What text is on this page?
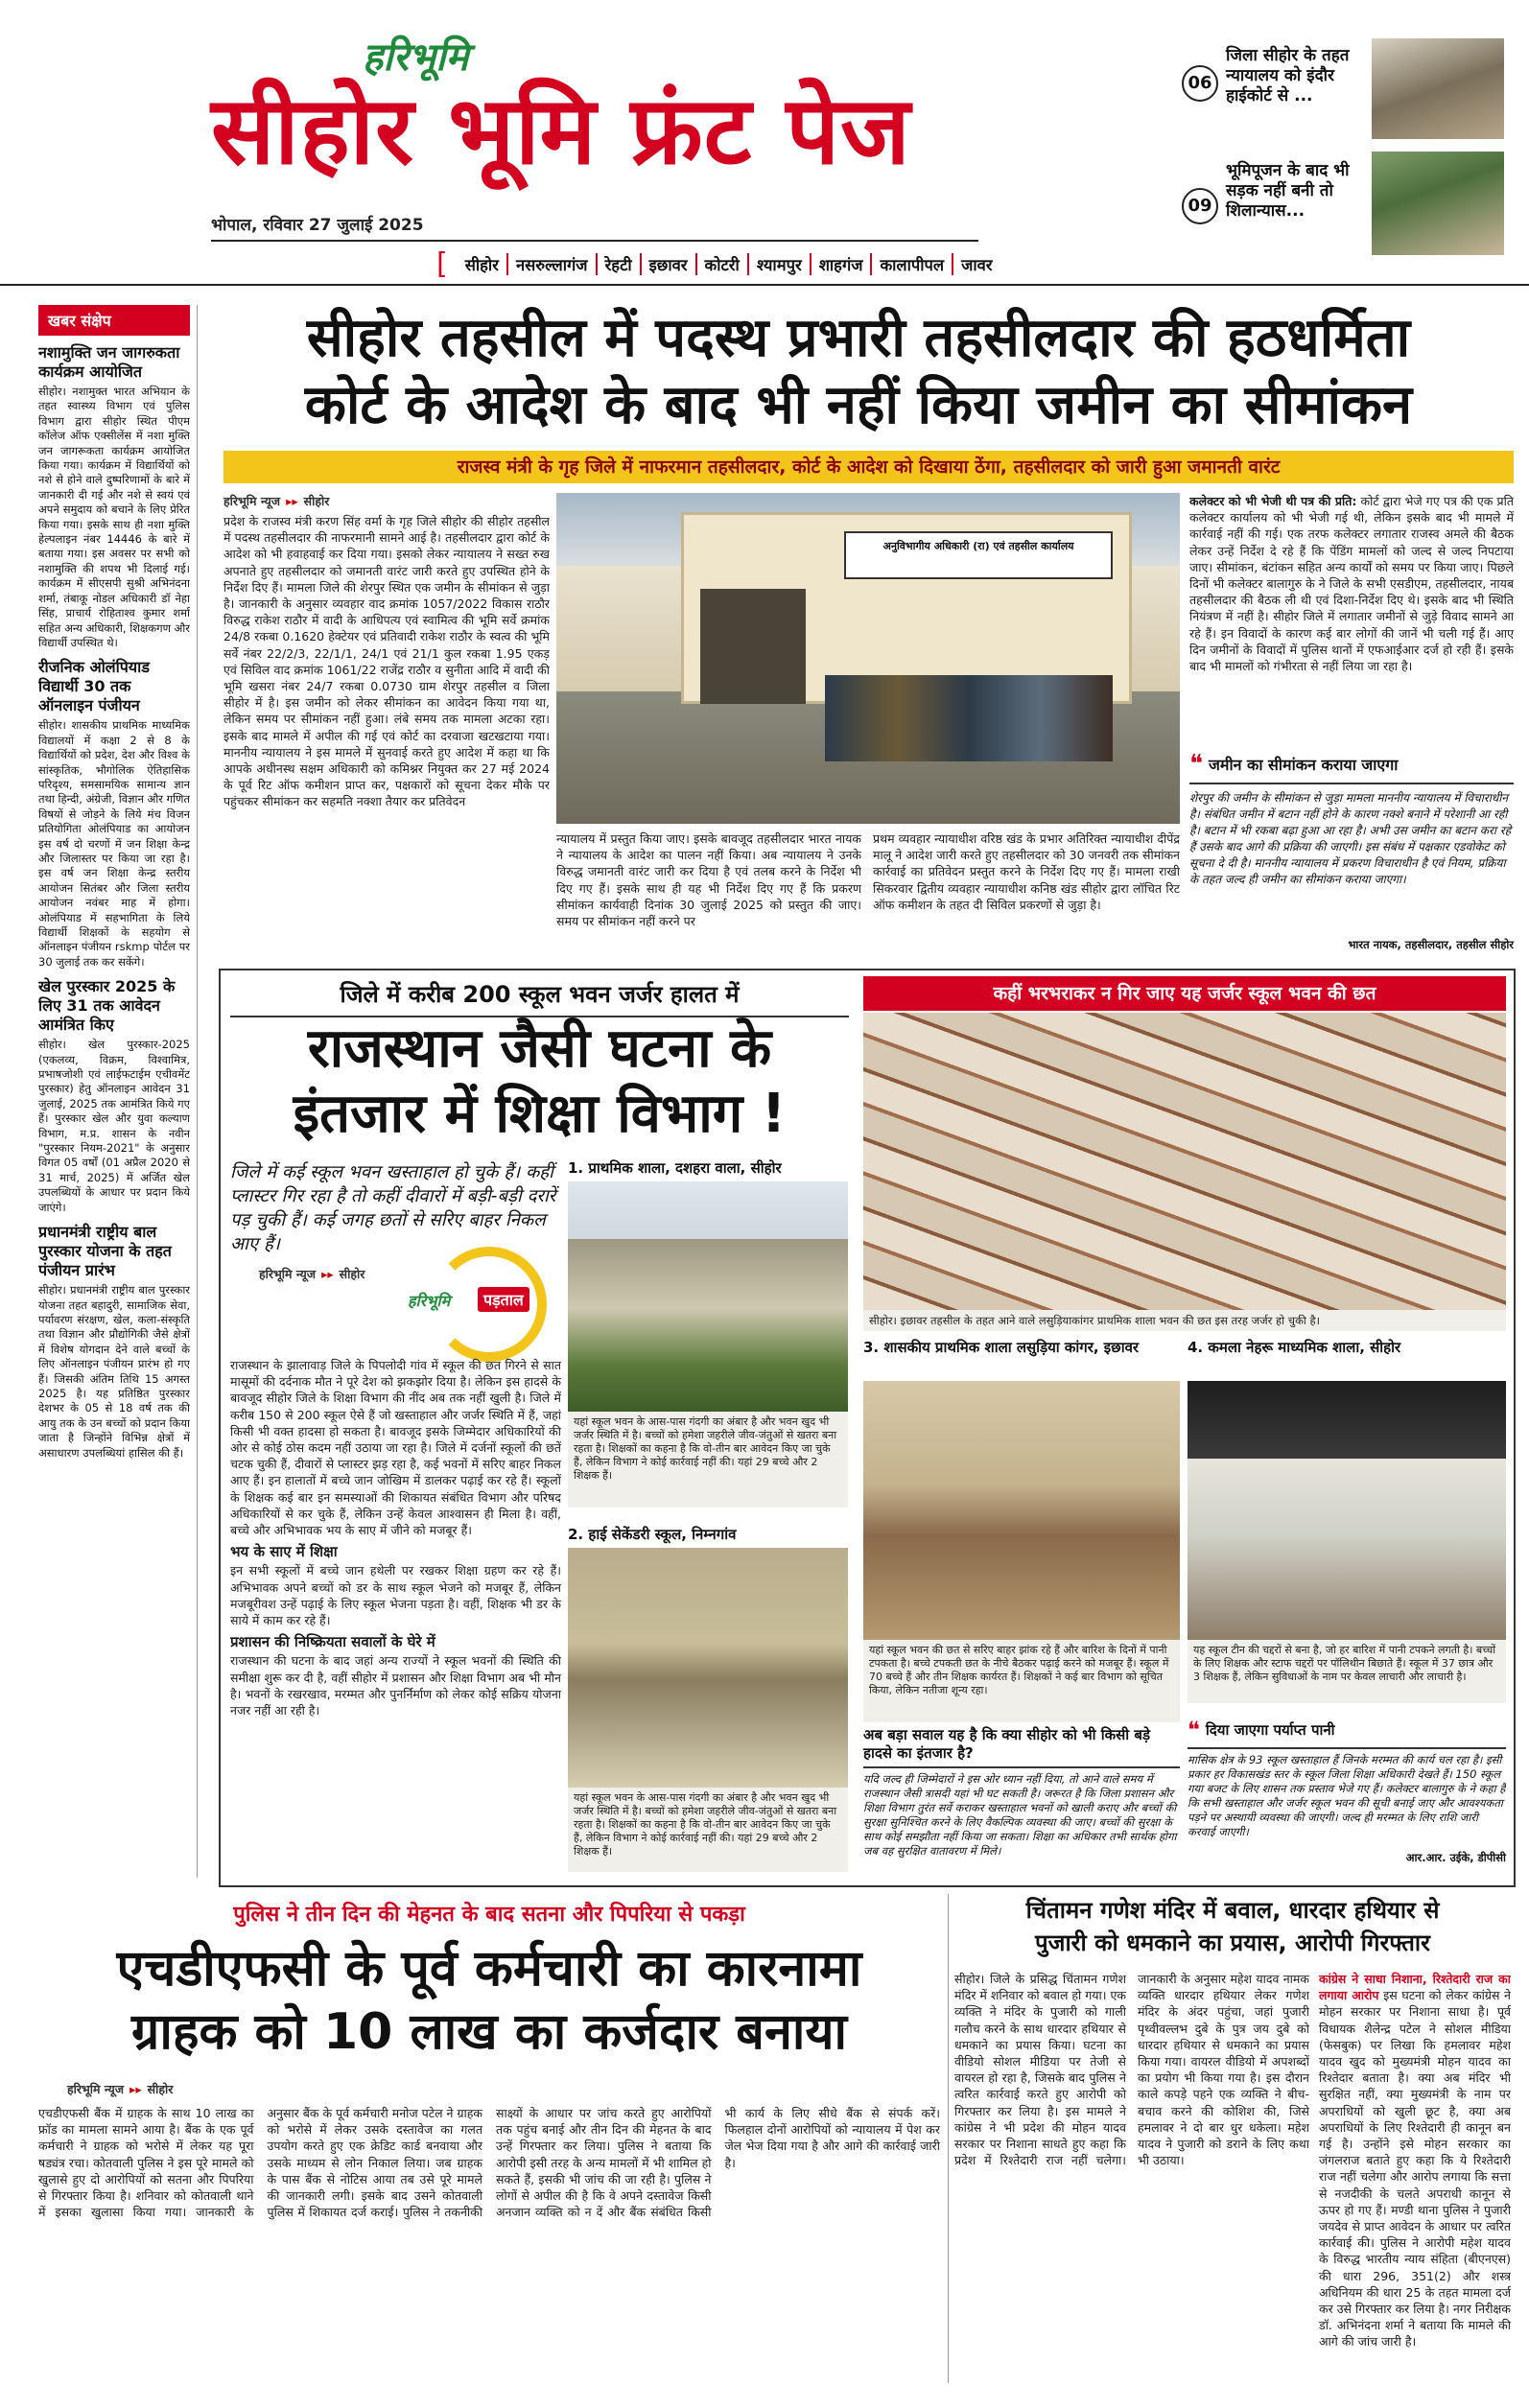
हरिभूमि
सीहोर भूमि फ्रंट पेज
भोपाल, रविवार 27 जुलाई 2025
06
जिला सीहोर के तहत न्यायालय को इंदौर हाईकोर्ट से ...
09
भूमिपूजन के बाद भी सड़क नहीं बनी तो शिलान्यास...
[	सीहोर	नसरुल्लागंज	रेहटी	इछावर	कोटरी	श्यामपुर	शाहगंज	कालापीपल	जावर
खबर संक्षेप
नशामुक्ति जन जागरुकता कार्यक्रम आयोजित
सीहोर। नशामुक्त भारत अभियान के तहत स्वास्थ्य विभाग एवं पुलिस विभाग द्वारा सीहोर स्थित पीएम कॉलेज ऑफ एक्सीलेंस में नशा मुक्ति जन जागरूकता कार्यक्रम आयोजित किया गया। कार्यक्रम में विद्यार्थियों को नशे से होने वाले दुष्परिणामों के बारे में जानकारी दी गई और नशे से स्वयं एवं अपने समुदाय को बचाने के लिए प्रेरित किया गया। इसके साथ ही नशा मुक्ति हेल्पलाइन नंबर 14446 के बारे में बताया गया। इस अवसर पर सभी को नशामुक्ति की शपथ भी दिलाई गई। कार्यक्रम में सीएसपी सुश्री अभिनंदना शर्मा, तंबाकू नोडल अधिकारी डॉ नेहा सिंह, प्राचार्य रोहिताश्व कुमार शर्मा सहित अन्य अधिकारी, शिक्षकगण और विद्यार्थी उपस्थित थे।
रीजनिक ओलंपियाड विद्यार्थी 30 तक ऑनलाइन पंजीयन
सीहोर। शासकीय प्राथमिक माध्यमिक विद्यालयों में कक्षा 2 से 8 के विद्यार्थियों को प्रदेश, देश और विश्व के सांस्कृतिक, भौगोलिक ऐतिहासिक परिदृश्य, समसामयिक सामान्य ज्ञान तथा हिन्दी, अंग्रेजी, विज्ञान और गणित विषयों से जोड़ने के लिये मंच विजन प्रतियोगिता ओलंपियाड का आयोजन इस वर्ष दो चरणों में जन शिक्षा केन्द्र और जिलास्तर पर किया जा रहा है। इस वर्ष जन शिक्षा केन्द्र स्तरीय आयोजन सितंबर और जिला स्तरीय आयोजन नवंबर माह में होगा। ओलंपियाड में सहभागिता के लिये विद्यार्थी शिक्षकों के सहयोग से ऑनलाइन पंजीयन rskmp पोर्टल पर 30 जुलाई तक कर सकेंगे।
खेल पुरस्कार 2025 के लिए 31 तक आवेदन आमंत्रित किए
सीहोर। खेल पुरस्कार-2025 (एकलव्य, विक्रम, विश्वामित्र, प्रभाषजोशी एवं लाईफटाईम एचीवमेंट पुरस्कार) हेतु ऑनलाइन आवेदन 31 जुलाई, 2025 तक आमंत्रित किये गए हैं। पुरस्कार खेल और युवा कल्याण विभाग, म.प्र. शासन के नवीन "पुरस्कार नियम-2021" के अनुसार विगत 05 वर्षों (01 अप्रैल 2020 से 31 मार्च, 2025) में अर्जित खेल उपलब्धियों के आधार पर प्रदान किये जाएंगे।
प्रधानमंत्री राष्ट्रीय बाल पुरस्कार योजना के तहत पंजीयन प्रारंभ
सीहोर। प्रधानमंत्री राष्ट्रीय बाल पुरस्कार योजना तहत बहादुरी, सामाजिक सेवा, पर्यावरण संरक्षण, खेल, कला-संस्कृति तथा विज्ञान और प्रौद्योगिकी जैसे क्षेत्रों में विशेष योगदान देने वाले बच्चों के लिए ऑनलाइन पंजीयन प्रारंभ हो गए हैं। जिसकी अंतिम तिथि 15 अगस्त 2025 है। यह प्रतिष्ठित पुरस्कार देशभर के 05 से 18 वर्ष तक की आयु तक के उन बच्चों को प्रदान किया जाता है जिन्होंने विभिन्न क्षेत्रों में असाधारण उपलब्धियां हासिल की हैं।
सीहोर तहसील में पदस्थ प्रभारी तहसीलदार की हठधर्मिता
कोर्ट के आदेश के बाद भी नहीं किया जमीन का सीमांकन
राजस्व मंत्री के गृह जिले में नाफरमान तहसीलदार, कोर्ट के आदेश को दिखाया ठेंगा, तहसीलदार को जारी हुआ जमानती वारंट
हरिभूमि न्यूज ▸▸ सीहोर
प्रदेश के राजस्व मंत्री करण सिंह वर्मा के गृह जिले सीहोर की सीहोर तहसील में पदस्थ तहसीलदार की नाफरमानी सामने आई है। तहसीलदार द्वारा कोर्ट के आदेश को भी हवाहवाई कर दिया गया। इसको लेकर न्यायालय ने सख्त रुख अपनाते हुए तहसीलदार को जमानती वारंट जारी करते हुए उपस्थित होने के निर्देश दिए हैं। मामला जिले की शेरपुर स्थित एक जमीन के सीमांकन से जुड़ा है। जानकारी के अनुसार व्यवहार वाद क्रमांक 1057/2022 विकास राठौर विरुद्ध राकेश राठौर में वादी के आधिपत्य एवं स्वामित्व की भूमि सर्वे क्रमांक 24/8 रकबा 0.1620 हेक्टेयर एवं प्रतिवादी राकेश राठौर के स्वत्व की भूमि सर्वे नंबर 22/2/3, 22/1/1, 24/1 एवं 21/1 कुल रकबा 1.95 एकड़ एवं सिविल वाद क्रमांक 1061/22 राजेंद्र राठौर व सुनीता आदि में वादी की भूमि खसरा नंबर 24/7 रकबा 0.0730 ग्राम शेरपुर तहसील व जिला सीहोर में है। इस जमीन को लेकर सीमांकन का आवेदन किया गया था, लेकिन समय पर सीमांकन नहीं हुआ। लंबे समय तक मामला अटका रहा। इसके बाद मामले में अपील की गई एवं कोर्ट का दरवाजा खटखटाया गया। माननीय न्यायालय ने इस मामले में सुनवाई करते हुए आदेश में कहा था कि आपके अधीनस्थ सक्षम अधिकारी को कमिश्नर नियुक्त कर 27 मई 2024 के पूर्व रिट ऑफ कमीशन प्राप्त कर, पक्षकारों को सूचना देकर मौके पर पहुंचकर सीमांकन कर सहमति नक्शा तैयार कर प्रतिवेदन
अनुविभागीय अधिकारी (रा) एवं तहसील कार्यालय
न्यायालय में प्रस्तुत किया जाए। इसके बावजूद तहसीलदार भारत नायक ने न्यायालय के आदेश का पालन नहीं किया। अब न्यायालय ने उनके विरुद्ध जमानती वारंट जारी कर दिया है एवं तलब करने के निर्देश भी दिए गए हैं। इसके साथ ही यह भी निर्देश दिए गए हैं कि प्रकरण सीमांकन कार्यवाही दिनांक 30 जुलाई 2025 को प्रस्तुत की जाए। समय पर सीमांकन नहीं करने पर
प्रथम व्यवहार न्यायाधीश वरिष्ठ खंड के प्रभार अतिरिक्त न्यायाधीश दीपेंद्र मालू ने आदेश जारी करते हुए तहसीलदार को 30 जनवरी तक सीमांकन कार्रवाई का प्रतिवेदन प्रस्तुत करने के निर्देश दिए गए हैं। मामला राखी सिकरवार द्वितीय व्यवहार न्यायाधीश कनिष्ठ खंड सीहोर द्वारा लॉचित रिट ऑफ कमीशन के तहत दी सिविल प्रकरणों से जुड़ा है।
कलेक्टर को भी भेजी थी पत्र की प्रति: कोर्ट द्वारा भेजे गए पत्र की एक प्रति कलेक्टर कार्यालय को भी भेजी गई थी, लेकिन इसके बाद भी मामले में कार्रवाई नहीं की गई। एक तरफ कलेक्टर लगातार राजस्व अमले की बैठक लेकर उन्हें निर्देश दे रहे हैं कि पेंडिंग मामलों को जल्द से जल्द निपटाया जाए। सीमांकन, बंटांकन सहित अन्य कार्यों को समय पर किया जाए। पिछले दिनों भी कलेक्टर बालागुरु के ने जिले के सभी एसडीएम, तहसीलदार, नायब तहसीलदार की बैठक ली थी एवं दिशा-निर्देश दिए थे। इसके बाद भी स्थिति नियंत्रण में नहीं है। सीहोर जिले में लगातार जमीनों से जुड़े विवाद सामने आ रहे हैं। इन विवादों के कारण कई बार लोगों की जानें भी चली गई हैं। आए दिन जमीनों के विवादों में पुलिस थानों में एफआईआर दर्ज हो रही हैं। इसके बाद भी मामलों को गंभीरता से नहीं लिया जा रहा है।
❝ जमीन का सीमांकन कराया जाएगा
शेरपुर की जमीन के सीमांकन से जुड़ा मामला माननीय न्यायालय में विचाराधीन है। संबंधित जमीन में बटान नहीं होने के कारण नक्शे बनाने में परेशानी आ रही है। बटान में भी रकबा बढ़ा हुआ आ रहा है। अभी उस जमीन का बटान करा रहे हैं उसके बाद आगे की प्रक्रिया की जाएगी। इस संबंध में पक्षकार एडवोकेट को सूचना दे दी है। माननीय न्यायालय में प्रकरण विचाराधीन है एवं नियम, प्रक्रिया के तहत जल्द ही जमीन का सीमांकन कराया जाएगा।
भारत नायक, तहसीलदार, तहसील सीहोर
जिले में करीब 200 स्कूल भवन जर्जर हालत में
राजस्थान जैसी घटना के
इंतजार में शिक्षा विभाग !
जिले में कई स्कूल भवन खस्ताहाल हो चुके हैं। कहीं प्लास्टर गिर रहा है तो कहीं दीवारों में बड़ी-बड़ी दरारें पड़ चुकी हैं। कई जगह छतों से सरिए बाहर निकल आए हैं।
हरिभूमि न्यूज ▸▸ सीहोर
हरिभूमि	पड़ताल

राजस्थान के झालावाड़ जिले के पिपलोदी गांव में स्कूल की छत गिरने से सात मासूमों की दर्दनाक मौत ने पूरे देश को झकझोर दिया है। लेकिन इस हादसे के बावजूद सीहोर जिले के शिक्षा विभाग की नींद अब तक नहीं खुली है। जिले में करीब 150 से 200 स्कूल ऐसे हैं जो खस्ताहाल और जर्जर स्थिति में हैं, जहां किसी भी वक्त हादसा हो सकता है। बावजूद इसके जिम्मेदार अधिकारियों की ओर से कोई ठोस कदम नहीं उठाया जा रहा है। जिले में दर्जनों स्कूलों की छतें चटक चुकी हैं, दीवारों से प्लास्टर झड़ रहा है, कई भवनों में सरिए बाहर निकल आए हैं। इन हालातों में बच्चे जान जोखिम में डालकर पढ़ाई कर रहे हैं। स्कूलों के शिक्षक कई बार इन समस्याओं की शिकायत संबंधित विभाग और परिषद अधिकारियों से कर चुके हैं, लेकिन उन्हें केवल आश्वासन ही मिला है। वहीं, बच्चे और अभिभावक भय के साए में जीने को मजबूर हैं।

भय के साए में शिक्षा

इन सभी स्कूलों में बच्चे जान हथेली पर रखकर शिक्षा ग्रहण कर रहे हैं। अभिभावक अपने बच्चों को डर के साथ स्कूल भेजने को मजबूर हैं, लेकिन मजबूरीवश उन्हें पढ़ाई के लिए स्कूल भेजना पड़ता है। वहीं, शिक्षक भी डर के साये में काम कर रहे हैं।

प्रशासन की निष्क्रियता सवालों के घेरे में

राजस्थान की घटना के बाद जहां अन्य राज्यों ने स्कूल भवनों की स्थिति की समीक्षा शुरू कर दी है, वहीं सीहोर में प्रशासन और शिक्षा विभाग अब भी मौन है। भवनों के रखरखाव, मरम्मत और पुनर्निर्माण को लेकर कोई सक्रिय योजना नजर नहीं आ रही है।

1. प्राथमिक शाला, दशहरा वाला, सीहोर
यहां स्कूल भवन के आस-पास गंदगी का अंबार है और भवन खुद भी जर्जर स्थिति में है। बच्चों को हमेशा जहरीले जीव-जंतुओं से खतरा बना रहता है। शिक्षकों का कहना है कि वो-तीन बार आवेदन किए जा चुके हैं, लेकिन विभाग ने कोई कार्रवाई नहीं की। यहां 29 बच्चे और 2 शिक्षक हैं।
2. हाई सेकेंडरी स्कूल, निम्नगांव
यहां स्कूल भवन के आस-पास गंदगी का अंबार है और भवन खुद भी जर्जर स्थिति में है। बच्चों को हमेशा जहरीले जीव-जंतुओं से खतरा बना रहता है। शिक्षकों का कहना है कि वो-तीन बार आवेदन किए जा चुके हैं, लेकिन विभाग ने कोई कार्रवाई नहीं की। यहां 29 बच्चे और 2 शिक्षक हैं।
कहीं भरभराकर न गिर जाए यह जर्जर स्कूल भवन की छत
सीहोर। इछावर तहसील के तहत आने वाले लसुड़ियाकांगर प्राथमिक शाला भवन की छत इस तरह जर्जर हो चुकी है।
3. शासकीय प्राथमिक शाला लसुड़िया कांगर, इछावर
यहां स्कूल भवन की छत से सरिए बाहर झांक रहे हैं और बारिश के दिनों में पानी टपकता है। बच्चे टपकती छत के नीचे बैठकर पढ़ाई करने को मजबूर हैं। स्कूल में 70 बच्चे हैं और तीन शिक्षक कार्यरत हैं। शिक्षकों ने कई बार विभाग को सूचित किया, लेकिन नतीजा शून्य रहा।
4. कमला नेहरू माध्यमिक शाला, सीहोर
यह स्कूल टीन की चद्दरों से बना है, जो हर बारिश में पानी टपकने लगती है। बच्चों के लिए शिक्षक और स्टाफ चद्दरों पर पॉलिथीन बिछाते हैं। स्कूल में 37 छात्र और 3 शिक्षक हैं, लेकिन सुविधाओं के नाम पर केवल लाचारी और लाचारी है।
अब बड़ा सवाल यह है कि क्या सीहोर को भी किसी बड़े हादसे का इंतजार है?
यदि जल्द ही जिम्मेदारों ने इस ओर ध्यान नहीं दिया, तो आने वाले समय में राजस्थान जैसी त्रासदी यहां भी घट सकती है। जरूरत है कि जिला प्रशासन और शिक्षा विभाग तुरंत सर्वे कराकर खस्ताहाल भवनों को खाली कराए और बच्चों की सुरक्षा सुनिश्चित करने के लिए वैकल्पिक व्यवस्था की जाए। बच्चों की सुरक्षा के साथ कोई समझौता नहीं किया जा सकता। शिक्षा का अधिकार तभी सार्थक होगा जब वह सुरक्षित वातावरण में मिले।
❝ दिया जाएगा पर्याप्त पानी
मासिक क्षेत्र के 93 स्कूल खस्ताहाल हैं जिनके मरम्मत की कार्य चल रहा है। इसी प्रकार हर विकासखंड स्तर के स्कूल जिला शिक्षा अधिकारी देखते हैं। 150 स्कूल गया बजट के लिए शासन तक प्रस्ताव भेजे गए हैं। कलेक्टर बालागुरु के ने कहा है कि सभी खस्ताहाल और जर्जर स्कूल भवन की सूची बनाई जाए और आवश्यकता पड़ने पर अस्थायी व्यवस्था की जाएगी। जल्द ही मरम्मत के लिए राशि जारी करवाई जाएगी।
आर.आर. उईके, डीपीसी
पुलिस ने तीन दिन की मेहनत के बाद सतना और पिपरिया से पकड़ा
एचडीएफसी के पूर्व कर्मचारी का कारनामा
ग्राहक को 10 लाख का कर्जदार बनाया
हरिभूमि न्यूज ▸▸ सीहोर
एचडीएफसी बैंक में ग्राहक के साथ 10 लाख का फ्रॉड का मामला सामने आया है। बैंक के एक पूर्व कर्मचारी ने ग्राहक को भरोसे में लेकर यह पूरा षड्यंत्र रचा। कोतवाली पुलिस ने इस पूरे मामले को खुलासे हुए दो आरोपियों को सतना और पिपरिया से गिरफ्तार किया है। शनिवार को कोतवाली थाने में इसका खुलासा किया गया। जानकारी के अनुसार बैंक के पूर्व कर्मचारी मनोज पटेल ने ग्राहक को भरोसे में लेकर उसके दस्तावेज का गलत उपयोग करते हुए एक क्रेडिट कार्ड बनवाया और उसके माध्यम से लोन निकाल लिया। जब ग्राहक के पास बैंक से नोटिस आया तब उसे पूरे मामले की जानकारी लगी। इसके बाद उसने कोतवाली पुलिस में शिकायत दर्ज कराई। पुलिस ने तकनीकी साक्ष्यों के आधार पर जांच करते हुए आरोपियों तक पहुंच बनाई और तीन दिन की मेहनत के बाद उन्हें गिरफ्तार कर लिया। पुलिस ने बताया कि आरोपी इसी तरह के अन्य मामलों में भी शामिल हो सकते हैं, इसकी भी जांच की जा रही है। पुलिस ने लोगों से अपील की है कि वे अपने दस्तावेज किसी अनजान व्यक्ति को न दें और बैंक संबंधित किसी भी कार्य के लिए सीधे बैंक से संपर्क करें। फिलहाल दोनों आरोपियों को न्यायालय में पेश कर जेल भेज दिया गया है और आगे की कार्रवाई जारी है।
चिंतामन गणेश मंदिर में बवाल, धारदार हथियार से
पुजारी को धमकाने का प्रयास, आरोपी गिरफ्तार
सीहोर। जिले के प्रसिद्ध चिंतामन गणेश मंदिर में शनिवार को बवाल हो गया। एक व्यक्ति ने मंदिर के पुजारी को गाली गलौच करने के साथ धारदार हथियार से धमकाने का प्रयास किया। घटना का वीडियो सोशल मीडिया पर तेजी से वायरल हो रहा है, जिसके बाद पुलिस ने त्वरित कार्रवाई करते हुए आरोपी को गिरफ्तार कर लिया है। इस मामले ने कांग्रेस ने भी प्रदेश की मोहन यादव सरकार पर निशाना साधते हुए कहा कि प्रदेश में रिश्तेदारी राज नहीं चलेगा। जानकारी के अनुसार महेश यादव नामक व्यक्ति धारदार हथियार लेकर गणेश मंदिर के अंदर पहुंचा, जहां पुजारी पृथ्वीवल्लभ दुबे के पुत्र जय दुबे को धारदार हथियार से धमकाने का प्रयास किया गया। वायरल वीडियो में अपशब्दों का प्रयोग भी किया गया है। इस दौरान काले कपड़े पहने एक व्यक्ति ने बीच-बचाव करने की कोशिश की, जिसे हमलावर ने दो बार धुर धकेला। महेश यादव ने पुजारी को डराने के लिए कथा भी उठाया।
कांग्रेस ने साधा निशाना, रिश्तेदारी राज का लगाया आरोप इस घटना को लेकर कांग्रेस ने मोहन सरकार पर निशाना साधा है। पूर्व विधायक शैलेन्द्र पटेल ने सोशल मीडिया (फेसबुक) पर लिखा कि हमलावर महेश यादव खुद को मुख्यमंत्री मोहन यादव का रिश्तेदार बताता है। क्या अब मंदिर भी सुरक्षित नहीं, क्या मुख्यमंत्री के नाम पर अपराधियों को खुली छूट है, क्या अब अपराधियों के लिए रिश्तेदारी ही कानून बन गई है। उन्होंने इसे मोहन सरकार का जंगलराज बताते हुए कहा कि ये रिश्तेदारी राज नहीं चलेगा और आरोप लगाया कि सत्ता से नजदीकी के चलते अपराधी कानून से ऊपर हो गए हैं। मण्डी थाना पुलिस ने पुजारी जयदेव से प्राप्त आवेदन के आधार पर त्वरित कार्रवाई की। पुलिस ने आरोपी महेश यादव के विरुद्ध भारतीय न्याय संहिता (बीएनएस) की धारा 296, 351(2) और शस्त्र अधिनियम की धारा 25 के तहत मामला दर्ज कर उसे गिरफ्तार कर लिया है। नगर निरीक्षक डॉ. अभिनंदना शर्मा ने बताया कि मामले की आगे की जांच जारी है।
